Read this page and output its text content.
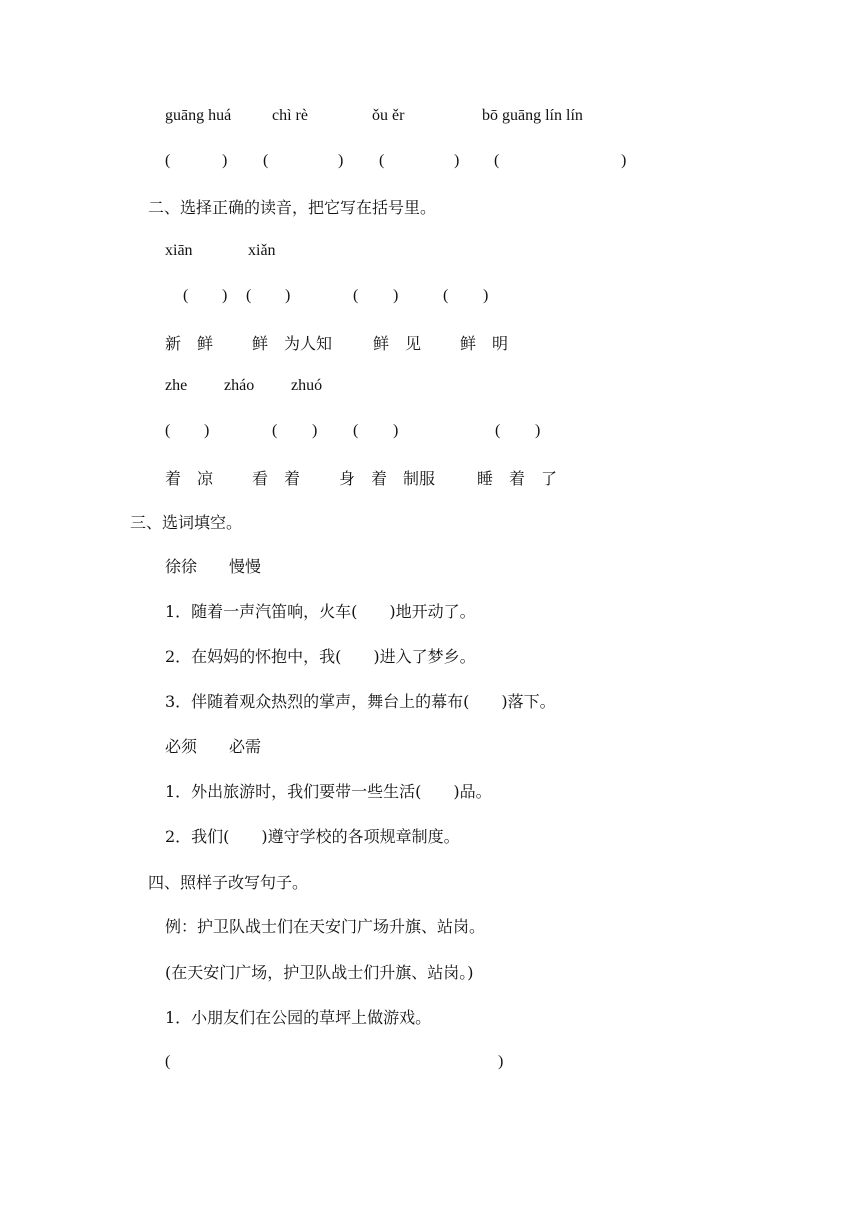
guāng huá	chì rè	ǒu ěr	bō guāng lín lín
(	) (	) (	) (	)
二、选择正确的读音，把它写在括号里。
xiān	xiǎn
( ) ( )	( )	( )
新　鲜 鲜　为人知	鲜　见 鲜　明
zhe zháo zhuó
( )	( ) ( )	( )
着　凉 看　着 身　着　制服	睡　着　了
三、选词填空。
徐徐　　慢慢
1．随着一声汽笛响，火车(　　)地开动了。
2．在妈妈的怀抱中，我(　　)进入了梦乡。
3．伴随着观众热烈的掌声，舞台上的幕布(　　)落下。
必须　　必需
1．外出旅游时，我们要带一些生活(　　)品。
2．我们(　　)遵守学校的各项规章制度。
四、照样子改写句子。
例：护卫队战士们在天安门广场升旗、站岗。
(在天安门广场，护卫队战士们升旗、站岗。)
1．小朋友们在公园的草坪上做游戏。
(	)
